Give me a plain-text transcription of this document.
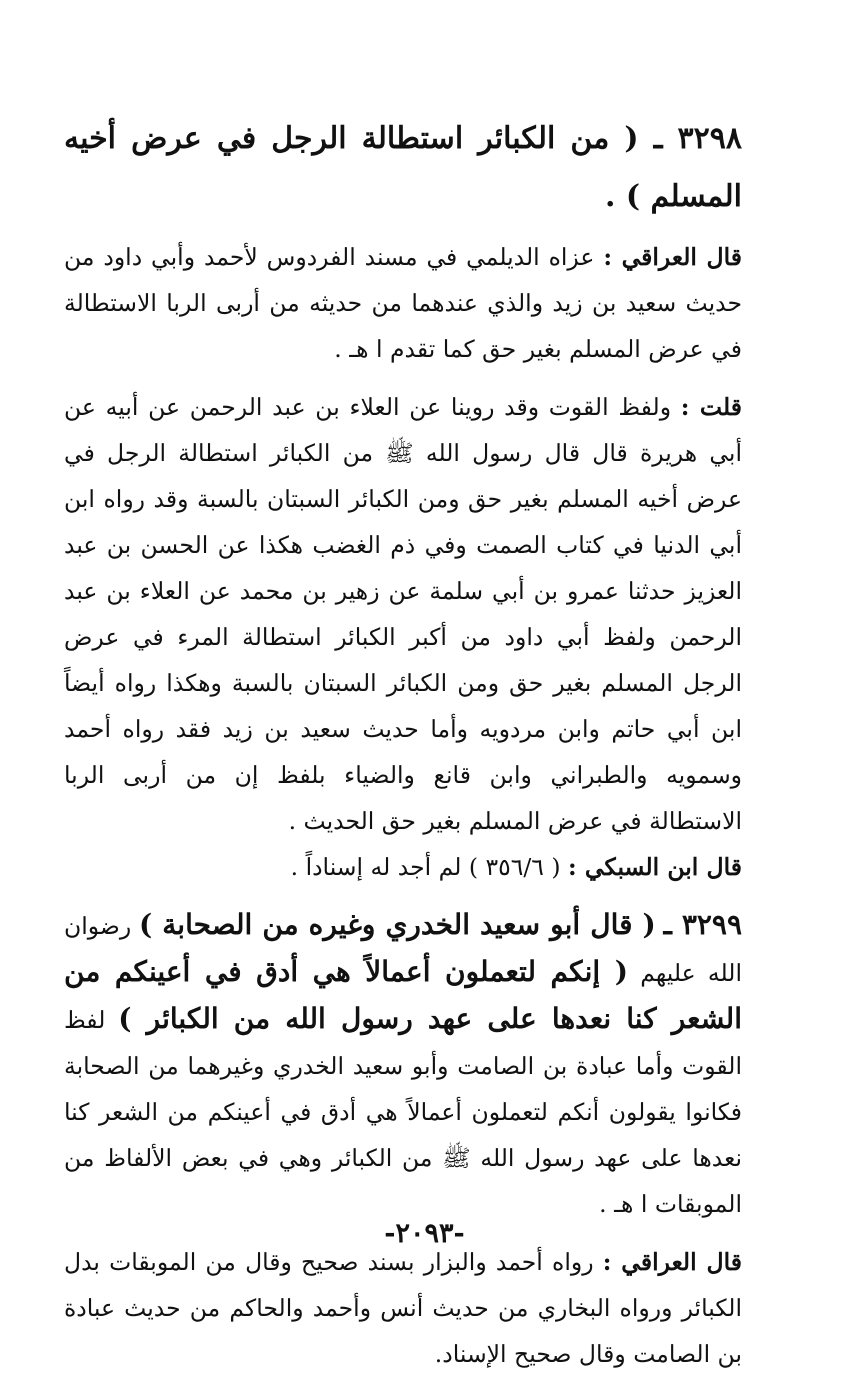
٣٢٩٨ ـ ( من الكبائر استطالة الرجل في عرض أخيه المسلم ) .

قال العراقي : عزاه الديلمي في مسند الفردوس لأحمد وأبي داود من حديث سعيد بن زيد والذي عندهما من حديثه من أربى الربا الاستطالة في عرض المسلم بغير حق كما تقدم ا هـ .

قلت : ولفظ القوت وقد روينا عن العلاء بن عبد الرحمن عن أبيه عن أبي هريرة قال قال رسول الله ﷺ من الكبائر استطالة الرجل في عرض أخيه المسلم بغير حق ومن الكبائر السبتان بالسبة وقد رواه ابن أبي الدنيا في كتاب الصمت وفي ذم الغضب هكذا عن الحسن بن عبد العزيز حدثنا عمرو بن أبي سلمة عن زهير بن محمد عن العلاء بن عبد الرحمن ولفظ أبي داود من أكبر الكبائر استطالة المرء في عرض الرجل المسلم بغير حق ومن الكبائر السبتان بالسبة وهكذا رواه أيضاً ابن أبي حاتم وابن مردويه وأما حديث سعيد بن زيد فقد رواه أحمد وسمويه والطبراني وابن قانع والضياء بلفظ إن من أربى الربا الاستطالة في عرض المسلم بغير حق الحديث .

قال ابن السبكي : ( ٣٥٦/٦ ) لم أجد له إسناداً .

٣٢٩٩ ـ ( قال أبو سعيد الخدري وغيره من الصحابة ) رضوان الله عليهم ( إنكم لتعملون أعمالاً هي أدق في أعينكم من الشعر كنا نعدها على عهد رسول الله من الكبائر ) لفظ القوت وأما عبادة بن الصامت وأبو سعيد الخدري وغيرهما من الصحابة فكانوا يقولون أنكم لتعملون أعمالاً هي أدق في أعينكم من الشعر كنا نعدها على عهد رسول الله ﷺ من الكبائر وهي في بعض الألفاظ من الموبقات ا هـ .

قال العراقي : رواه أحمد والبزار بسند صحيح وقال من الموبقات بدل الكبائر ورواه البخاري من حديث أنس وأحمد والحاكم من حديث عبادة بن الصامت وقال صحيح الإسناد.

-٢٠٩٣-
